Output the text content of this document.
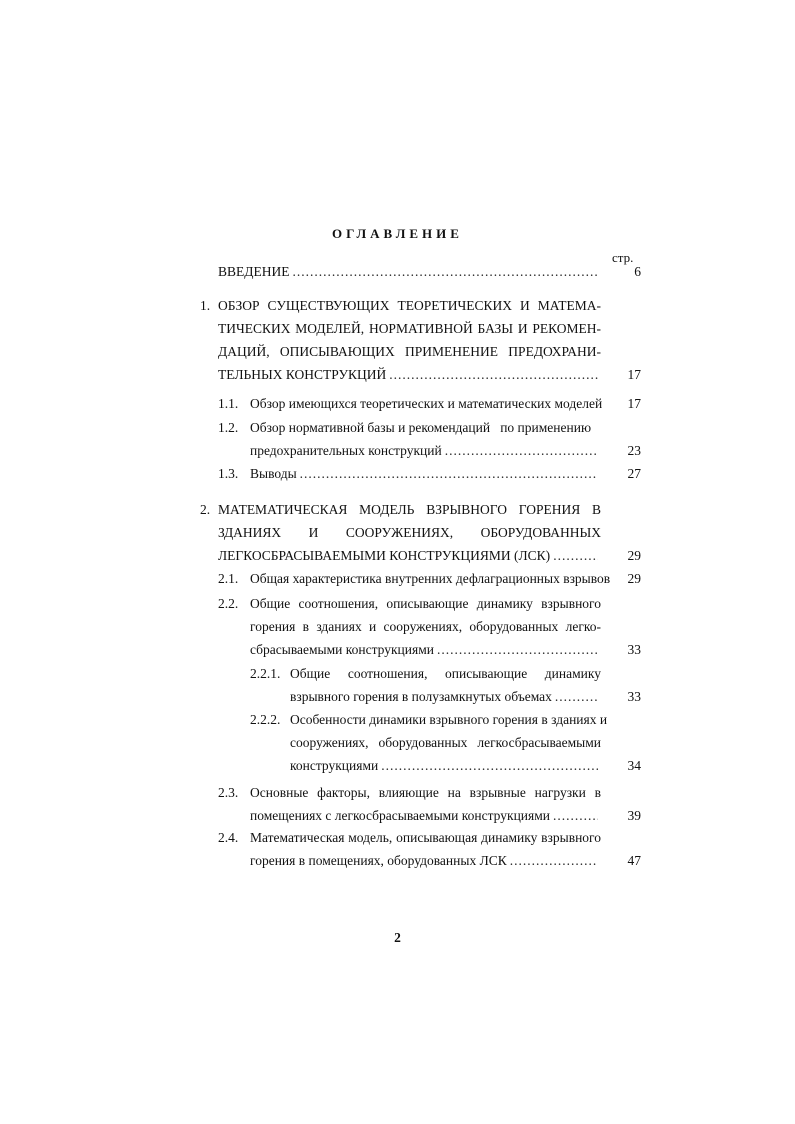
ОГЛАВЛЕНИЕ
стр.
ВВЕДЕНИЕ .....	6
1. ОБЗОР СУЩЕСТВУЮЩИХ ТЕОРЕТИЧЕСКИХ И МАТЕМА-
ТИЧЕСКИХ МОДЕЛЕЙ, НОРМАТИВНОЙ БАЗЫ И РЕКОМЕН-
ДАЦИЙ, ОПИСЫВАЮЩИХ ПРИМЕНЕНИЕ ПРЕДОХРАНИ-
ТЕЛЬНЫХ КОНСТРУКЦИЙ .....	17
1.1. Обзор имеющихся теоретических и математических моделей 17
1.2. Обзор нормативной базы и рекомендаций   по применению
предохранительных конструкций .....	23
1.3. Выводы .....	27
2. МАТЕМАТИЧЕСКАЯ МОДЕЛЬ ВЗРЫВНОГО ГОРЕНИЯ В
ЗДАНИЯХ И СООРУЖЕНИЯХ, ОБОРУДОВАННЫХ
ЛЕГКОСБРАСЫВАЕМЫМИ КОНСТРУКЦИЯМИ (ЛСК) .....	29
2.1. Общая характеристика внутренних дефлаграционных взрывов 29
2.2. Общие соотношения, описывающие динамику взрывного
горения в зданиях и сооружениях, оборудованных легко-
сбрасываемыми конструкциями .....	33
2.2.1. Общие соотношения, описывающие динамику
взрывного горения в полузамкнутых объемах .....	33
2.2.2. Особенности динамики взрывного горения в зданиях и
сооружениях, оборудованных легкосбрасываемыми
конструкциями .....	34
2.3. Основные факторы, влияющие на взрывные нагрузки в
помещениях с легкосбрасываемыми конструкциями .....	39
2.4. Математическая модель, описывающая динамику взрывного
горения в помещениях, оборудованных ЛСК .....	47
2
